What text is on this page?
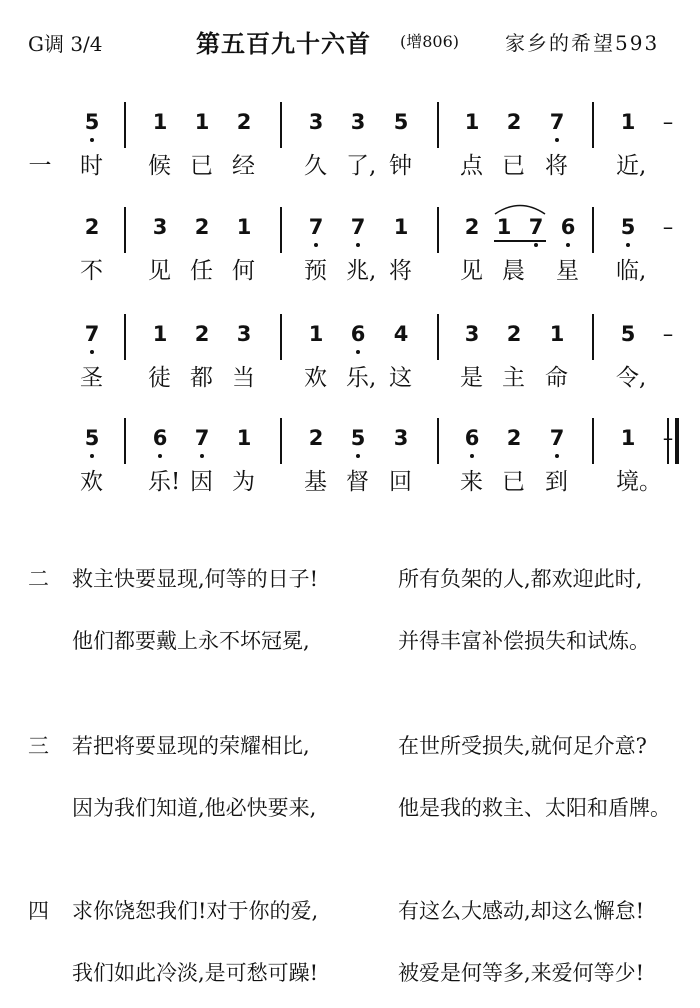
G调 3/4	第五百九十六首 (增806) 家乡的希望593
一
5
时
1 1 2
候 已 经
3 3 5
久 了, 钟
1 2 7
点 已 将
1	–
近,
2
不
3 2 1
见 任 何
7 7 1
预 兆, 将
2 1 7 6
见 晨 星
5	–
临,
7
圣
1 2 3
徒 都 当
1 6 4
欢 乐, 这
3 2 1
是 主 命
5	–
令,
5
欢
6 7 1
乐! 因 为
2 5 3
基 督 回
6 2 7
来 已 到
1	–
境。
二 救主快要显现,何等的日子!	所有负架的人,都欢迎此时,
他们都要戴上永不坏冠冕,	并得丰富补偿损失和试炼。
三 若把将要显现的荣耀相比,	在世所受损失,就何足介意?
因为我们知道,他必快要来,	他是我的救主、太阳和盾牌。
四 求你饶恕我们!对于你的爱,	有这么大感动,却这么懈怠!
我们如此冷淡,是可愁可躁!	被爱是何等多,来爱何等少!
